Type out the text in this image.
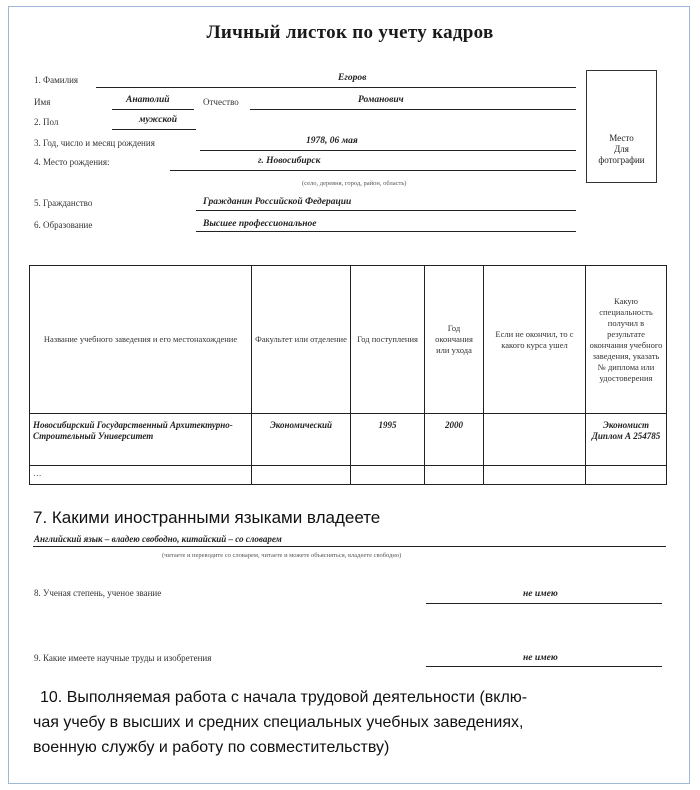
Личный листок по учету кадров
1. Фамилия	Егоров
Имя	Анатолий	Отчество	Романович
2. Пол	мужской
3. Год, число и месяц рождения	1978, 06 мая
4. Место рождения:	г. Новосибирск
(село, деревня, город, район, область)
5. Гражданство	Гражданин Российской Федерации
6. Образование	Высшее профессиональное
Место
Для
фотографии
Название учебного заведения и его местонахождение	Факультет или отделение	Год поступления	Год окончания или ухода	Если не окончил, то с какого курса ушел	Какую специальность получил в результате окончания учебного заведения, указать № диплома или удостоверения
Новосибирский Государственный Архитектурно-Строительный Университет	Экономический	1995	2000		Экономист Диплом А 254785
…					
7. Какими иностранными языками владеете
Английский язык – владею свободно, китайский – со словарем
(читаете и переводите со словарем, читаете и можете объясняться, владеете свободно)
8. Ученая степень, ученое звание	не имею
9. Какие имеете научные труды и изобретения	не имею
10. Выполняемая работа с начала трудовой деятельности (вклю-
чая учебу в высших и средних специальных учебных заведениях,
военную службу и работу по совместительству)
